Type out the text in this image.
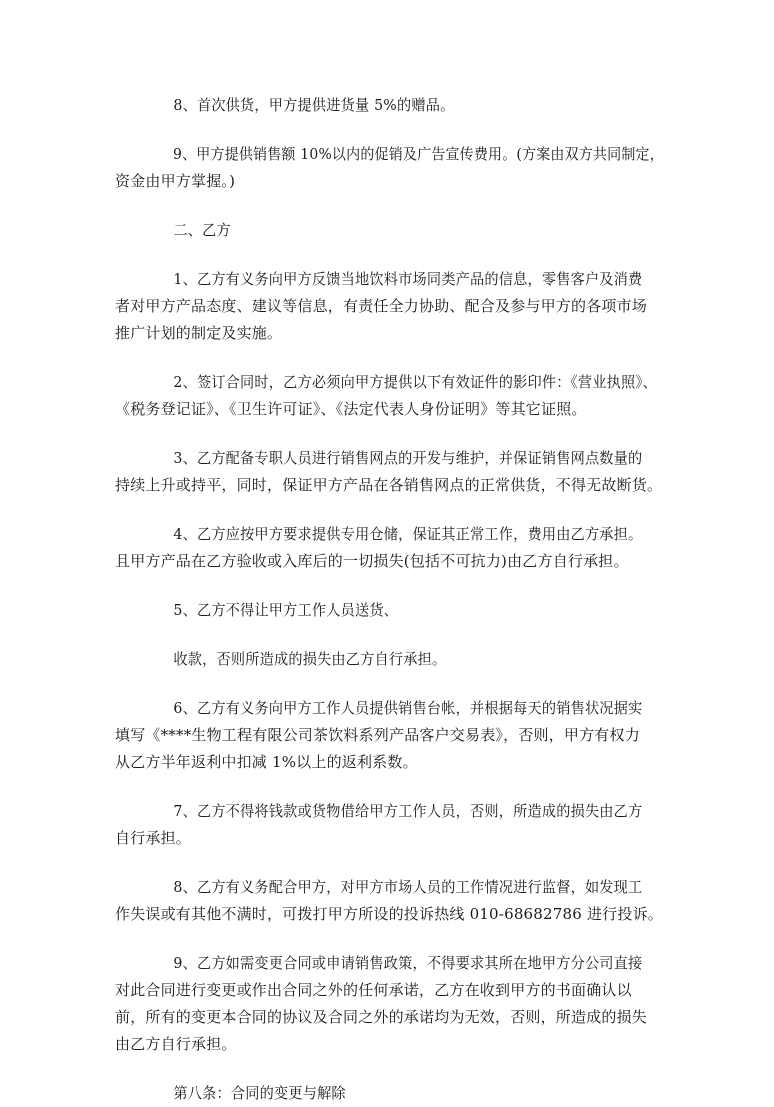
8、首次供货，甲方提供进货量 5%的赠品。
9、甲方提供销售额 10%以内的促销及广告宣传费用。(方案由双方共同制定，
资金由甲方掌握。)
二、乙方
1、乙方有义务向甲方反馈当地饮料市场同类产品的信息，零售客户及消费
者对甲方产品态度、建议等信息，有责任全力协助、配合及参与甲方的各项市场
推广计划的制定及实施。
2、签订合同时，乙方必须向甲方提供以下有效证件的影印件：《营业执照》、
《税务登记证》、《卫生许可证》、《法定代表人身份证明》等其它证照。
3、乙方配备专职人员进行销售网点的开发与维护，并保证销售网点数量的
持续上升或持平，同时，保证甲方产品在各销售网点的正常供货，不得无故断货。
4、乙方应按甲方要求提供专用仓储，保证其正常工作，费用由乙方承担。
且甲方产品在乙方验收或入库后的一切损失(包括不可抗力)由乙方自行承担。
5、乙方不得让甲方工作人员送货、
收款，否则所造成的损失由乙方自行承担。
6、乙方有义务向甲方工作人员提供销售台帐，并根据每天的销售状况据实
填写《****生物工程有限公司茶饮料系列产品客户交易表》，否则，甲方有权力
从乙方半年返利中扣减 1%以上的返利系数。
7、乙方不得将钱款或货物借给甲方工作人员，否则，所造成的损失由乙方
自行承担。
8、乙方有义务配合甲方，对甲方市场人员的工作情况进行监督，如发现工
作失误或有其他不满时，可拨打甲方所设的投诉热线 010-68682786 进行投诉。
9、乙方如需变更合同或申请销售政策，不得要求其所在地甲方分公司直接
对此合同进行变更或作出合同之外的任何承诺，乙方在收到甲方的书面确认以
前，所有的变更本合同的协议及合同之外的承诺均为无效，否则，所造成的损失
由乙方自行承担。
第八条：合同的变更与解除
